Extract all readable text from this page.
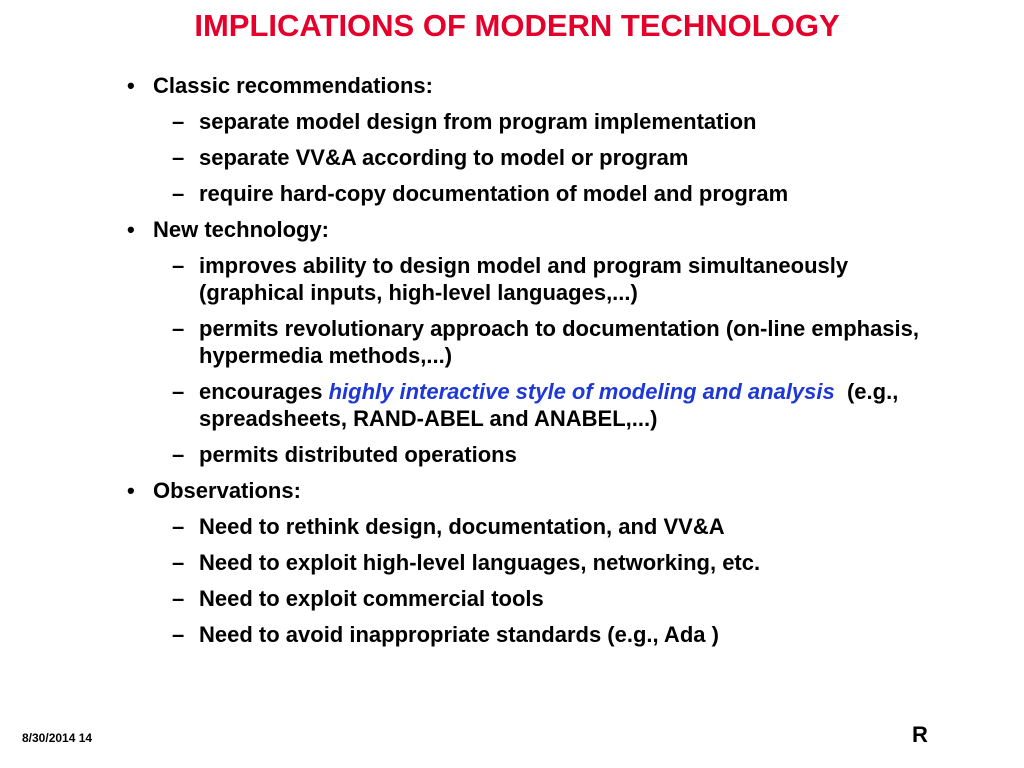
IMPLICATIONS OF MODERN TECHNOLOGY
• Classic recommendations:
– separate model design from program implementation
– separate VV&A according to model or program
– require hard-copy documentation of model and program
• New technology:
– improves ability to design model and program simultaneously (graphical inputs, high-level languages,...)
– permits revolutionary approach to documentation (on-line emphasis, hypermedia methods,...)
– encourages highly interactive style of modeling and analysis  (e.g., spreadsheets, RAND-ABEL and ANABEL,...)
– permits distributed operations
• Observations:
– Need to rethink design, documentation, and VV&A
– Need to exploit high-level languages, networking, etc.
– Need to exploit commercial tools
– Need to avoid inappropriate standards (e.g., Ada )
8/30/2014 14	R
